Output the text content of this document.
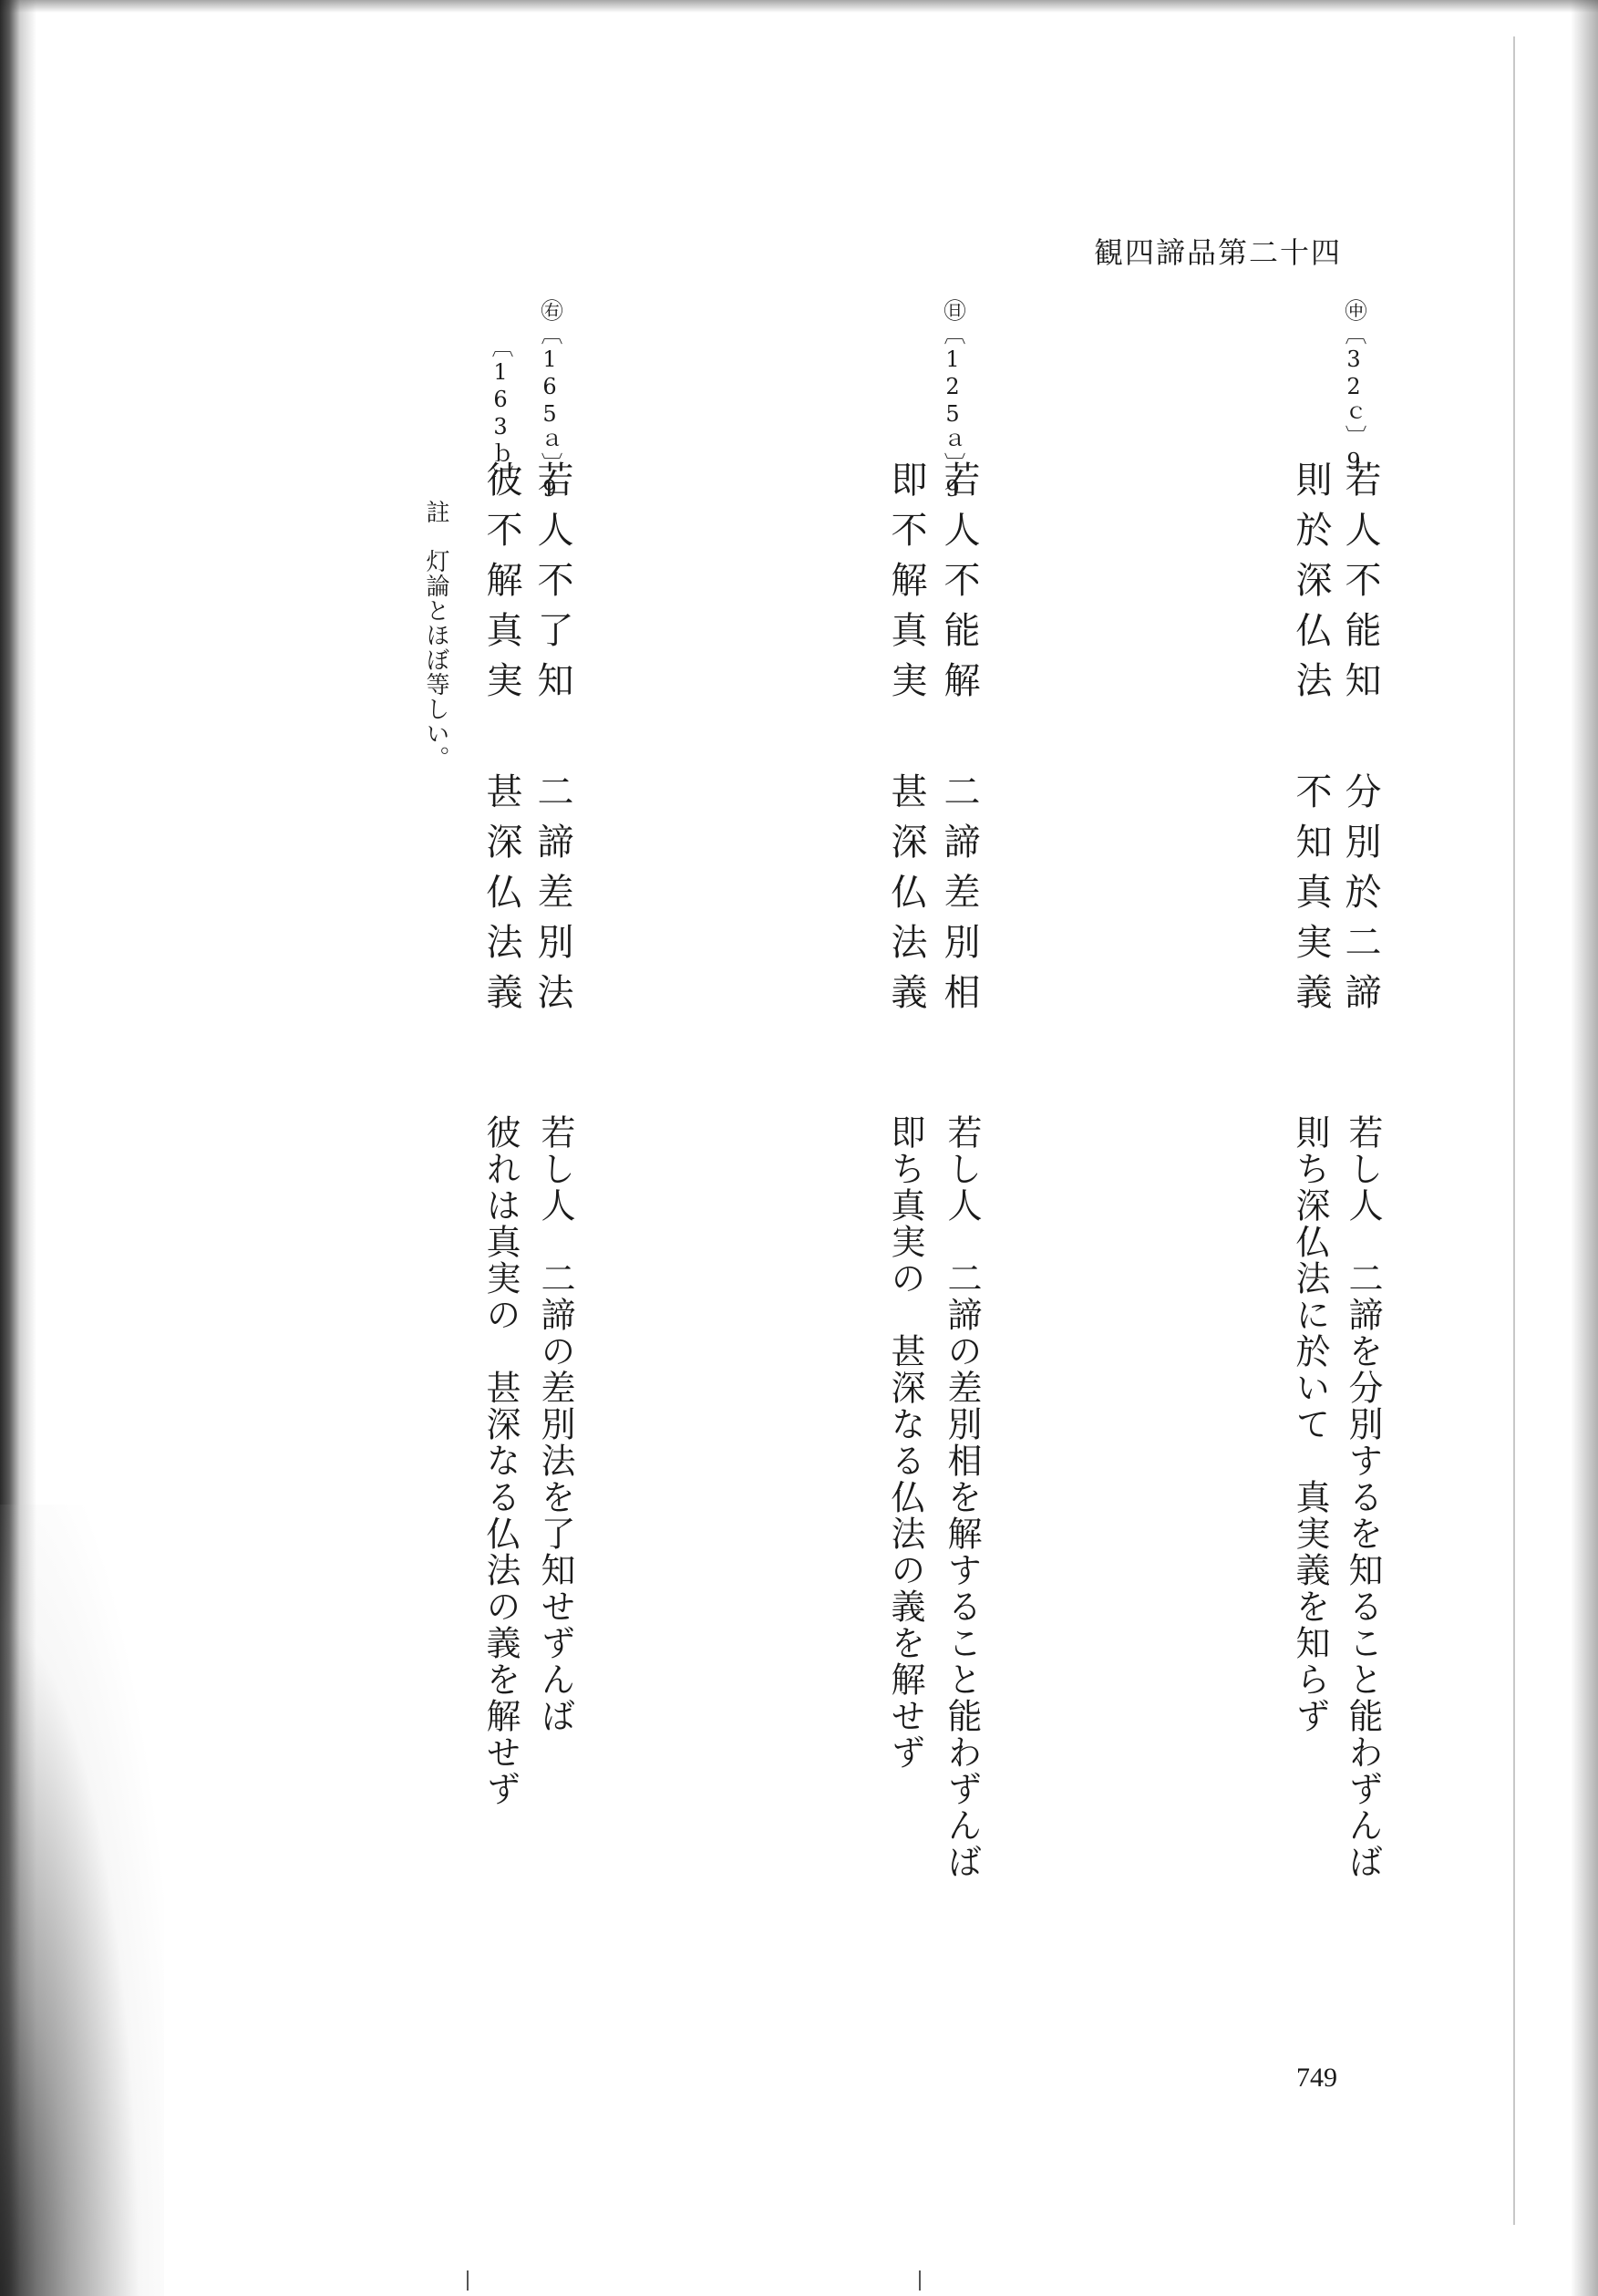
観四諦品第二十四
㊥〔32ｃ〕9
若人不能知
則於深仏法
分別於二諦
不知真実義
若し人　二諦を分別するを知ること能わずんば
則ち深仏法に於いて　真実義を知らず
㊐〔125ａ〕9
若人不能解
即不解真実
二諦差別相
甚深仏法義
若し人　二諦の差別相を解すること能わずんば
即ち真実の　甚深なる仏法の義を解せず
㊨〔165ａ〕9
〔163ｂ〕
若人不了知
彼不解真実
二諦差別法
甚深仏法義
若し人　二諦の差別法を了知せずんば
彼れは真実の　甚深なる仏法の義を解せず
註　灯論とほぼ等しい。
749
